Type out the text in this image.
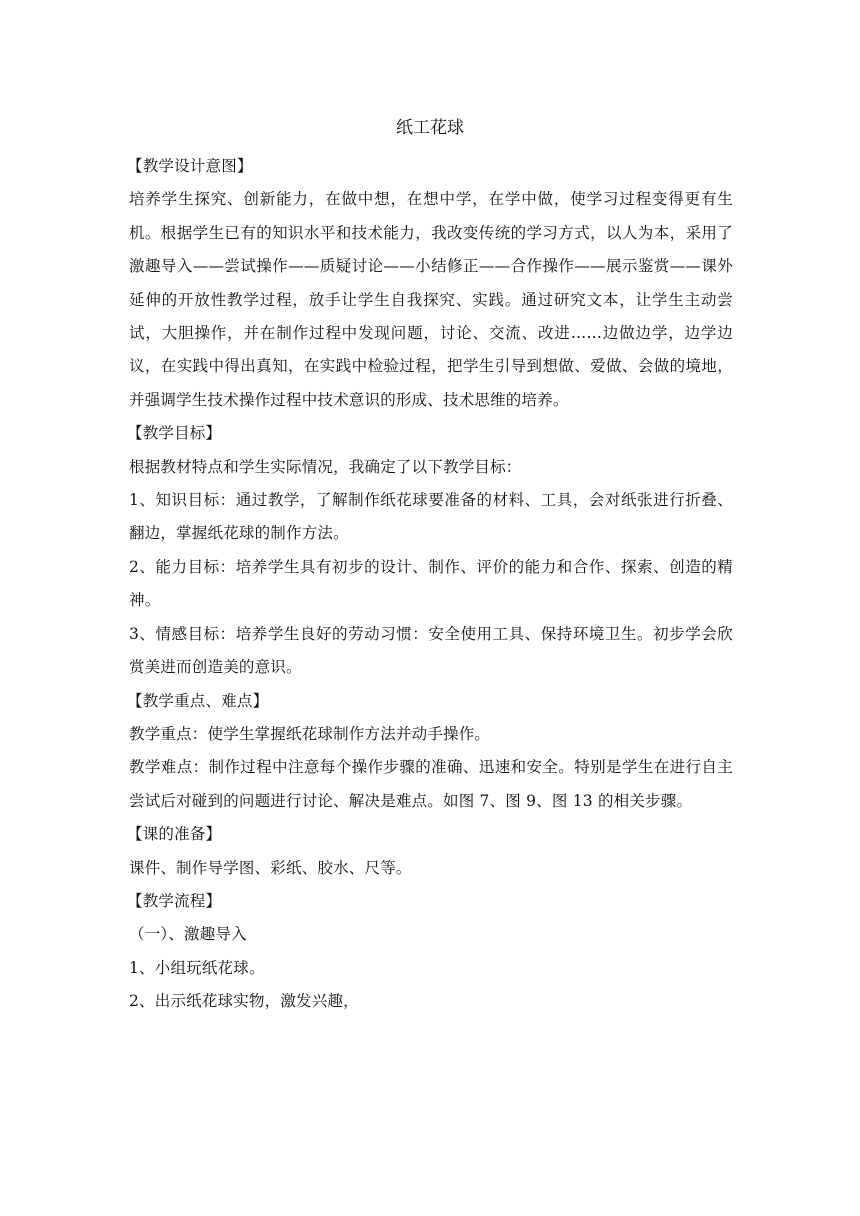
纸工花球

【教学设计意图】

培养学生探究、创新能力，在做中想，在想中学，在学中做，使学习过程变得更有生机。根据学生已有的知识水平和技术能力，我改变传统的学习方式，以人为本，采用了激趣导入——尝试操作——质疑讨论——小结修正——合作操作——展示鉴赏——课外延伸的开放性教学过程，放手让学生自我探究、实践。通过研究文本，让学生主动尝试，大胆操作，并在制作过程中发现问题，讨论、交流、改进……边做边学，边学边议，在实践中得出真知，在实践中检验过程，把学生引导到想做、爱做、会做的境地，并强调学生技术操作过程中技术意识的形成、技术思维的培养。

【教学目标】

根据教材特点和学生实际情况，我确定了以下教学目标：

1、知识目标：通过教学，了解制作纸花球要准备的材料、工具，会对纸张进行折叠、翻边，掌握纸花球的制作方法。

2、能力目标：培养学生具有初步的设计、制作、评价的能力和合作、探索、创造的精神。

3、情感目标：培养学生良好的劳动习惯：安全使用工具、保持环境卫生。初步学会欣赏美进而创造美的意识。

【教学重点、难点】

教学重点：使学生掌握纸花球制作方法并动手操作。

教学难点：制作过程中注意每个操作步骤的准确、迅速和安全。特别是学生在进行自主尝试后对碰到的问题进行讨论、解决是难点。如图 7、图 9、图 13 的相关步骤。

【课的准备】

课件、制作导学图、彩纸、胶水、尺等。

【教学流程】

（一）、激趣导入

1、小组玩纸花球。

2、出示纸花球实物，激发兴趣，
